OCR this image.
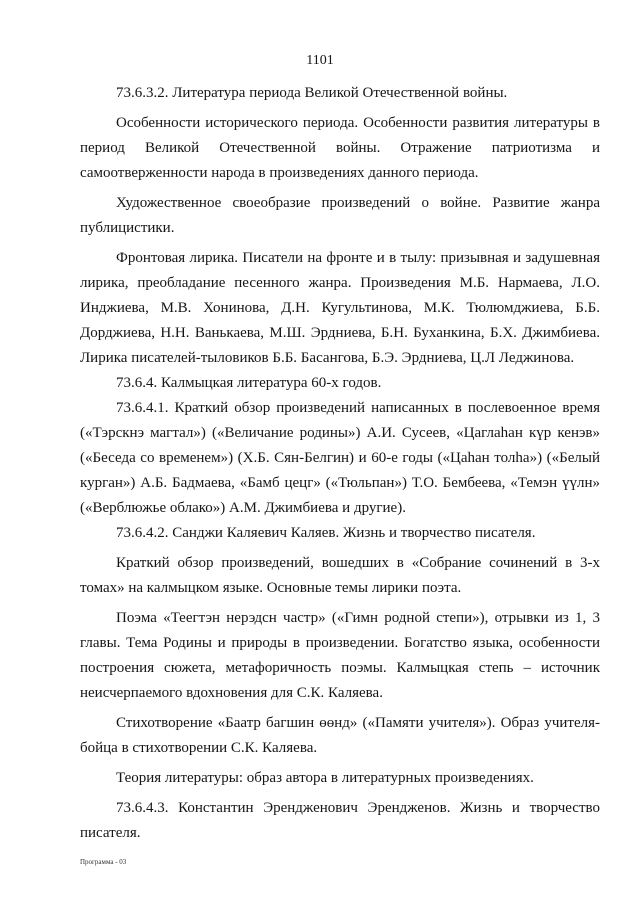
1101

73.6.3.2. Литература периода Великой Отечественной войны.

Особенности исторического периода. Особенности развития литературы в период Великой Отечественной войны. Отражение патриотизма и самоотверженности народа в произведениях данного периода.

Художественное своеобразие произведений о войне. Развитие жанра публицистики.

Фронтовая лирика. Писатели на фронте и в тылу: призывная и задушевная лирика, преобладание песенного жанра. Произведения М.Б. Нармаева, Л.О. Инджиева, М.В. Хонинова, Д.Н. Кугультинова, М.К. Тюлюмджиева, Б.Б. Дорджиева, Н.Н. Ванькаева, М.Ш. Эрдниева, Б.Н. Буханкина, Б.Х. Джимбиева. Лирика писателей-тыловиков Б.Б. Басангова, Б.Э. Эрдниева, Ц.Л Леджинова.

73.6.4. Калмыцкая литература 60-х годов.

73.6.4.1. Краткий обзор произведений написанных в послевоенное время («Тэрскнэ магтал») («Величание родины») А.И. Сусеев, «Цаглаһан күр кенэв» («Беседа со временем») (Х.Б. Сян-Белгин) и 60-е годы («Цаһан толһа») («Белый курган») А.Б. Бадмаева, «Бамб цецг» («Тюльпан») Т.О. Бембеева, «Темэн үүлн» («Верблюжье облако») А.М. Джимбиева и другие).

73.6.4.2. Санджи Каляевич Каляев. Жизнь и творчество писателя.

Краткий обзор произведений, вошедших в «Собрание сочинений в 3-х томах» на калмыцком языке. Основные темы лирики поэта.

Поэма «Теегтэн нерэдсн частр» («Гимн родной степи»), отрывки из 1, 3 главы. Тема Родины и природы в произведении. Богатство языка, особенности построения сюжета, метафоричность поэмы. Калмыцкая степь – источник неисчерпаемого вдохновения для С.К. Каляева.

Стихотворение «Баатр багшин өөнд» («Памяти учителя»). Образ учителя-бойца в стихотворении С.К. Каляева.

Теория литературы: образ автора в литературных произведениях.

73.6.4.3. Константин Эрендженович Эрендженов. Жизнь и творчество писателя.

Программа - 03
